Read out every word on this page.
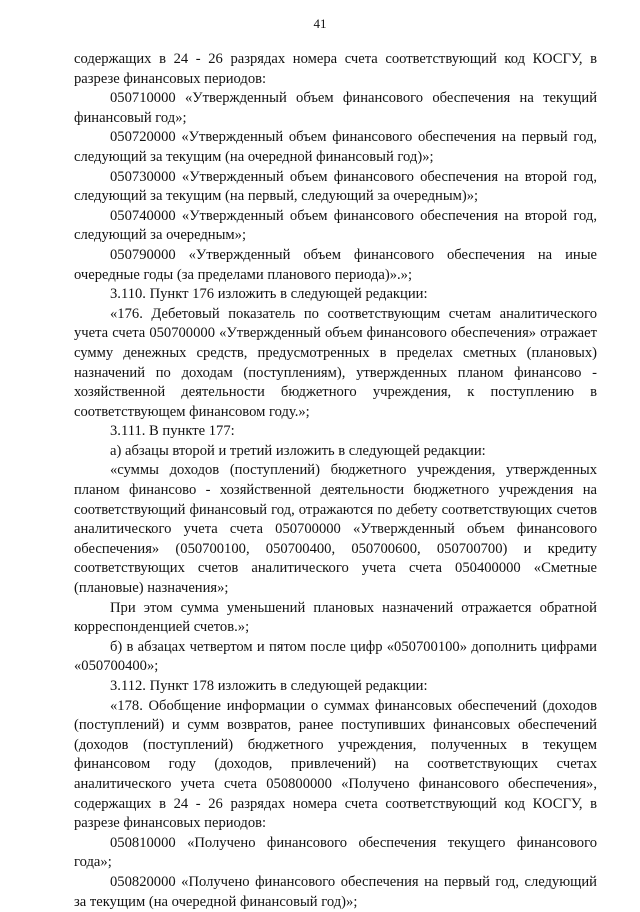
41

содержащих в 24 - 26 разрядах номера счета соответствующий код КОСГУ, в разрезе финансовых периодов:

050710000 «Утвержденный объем финансового обеспечения на текущий финансовый год»;

050720000 «Утвержденный объем финансового обеспечения на первый год, следующий за текущим (на очередной финансовый год)»;

050730000 «Утвержденный объем финансового обеспечения на второй год, следующий за текущим (на первый, следующий за очередным)»;

050740000 «Утвержденный объем финансового обеспечения на второй год, следующий за очередным»;

050790000 «Утвержденный объем финансового обеспечения на иные очередные годы (за пределами планового периода)».»;

3.110. Пункт 176 изложить в следующей редакции:

«176. Дебетовый показатель по соответствующим счетам аналитического учета счета 050700000 «Утвержденный объем финансового обеспечения» отражает сумму денежных средств, предусмотренных в пределах сметных (плановых) назначений по доходам (поступлениям), утвержденных планом финансово - хозяйственной деятельности бюджетного учреждения, к поступлению в соответствующем финансовом году.»;

3.111. В пункте 177:

а) абзацы второй и третий изложить в следующей редакции:

«суммы доходов (поступлений) бюджетного учреждения, утвержденных планом финансово - хозяйственной деятельности бюджетного учреждения на соответствующий финансовый год, отражаются по дебету соответствующих счетов аналитического учета счета 050700000 «Утвержденный объем финансового обеспечения» (050700100, 050700400, 050700600, 050700700) и кредиту соответствующих счетов аналитического учета счета 050400000 «Сметные (плановые) назначения»;

При этом сумма уменьшений плановых назначений отражается обратной корреспонденцией счетов.»;

б) в абзацах четвертом и пятом после цифр «050700100» дополнить цифрами «050700400»;

3.112. Пункт 178 изложить в следующей редакции:

«178. Обобщение информации о суммах финансовых обеспечений (доходов (поступлений) и сумм возвратов, ранее поступивших финансовых обеспечений (доходов (поступлений) бюджетного учреждения, полученных в текущем финансовом году (доходов, привлечений) на соответствующих счетах аналитического учета счета 050800000 «Получено финансового обеспечения», содержащих в 24 - 26 разрядах номера счета соответствующий код КОСГУ, в разрезе финансовых периодов:

050810000 «Получено финансового обеспечения текущего финансового года»;

050820000 «Получено финансового обеспечения на первый год, следующий за текущим (на очередной финансовый год)»;
